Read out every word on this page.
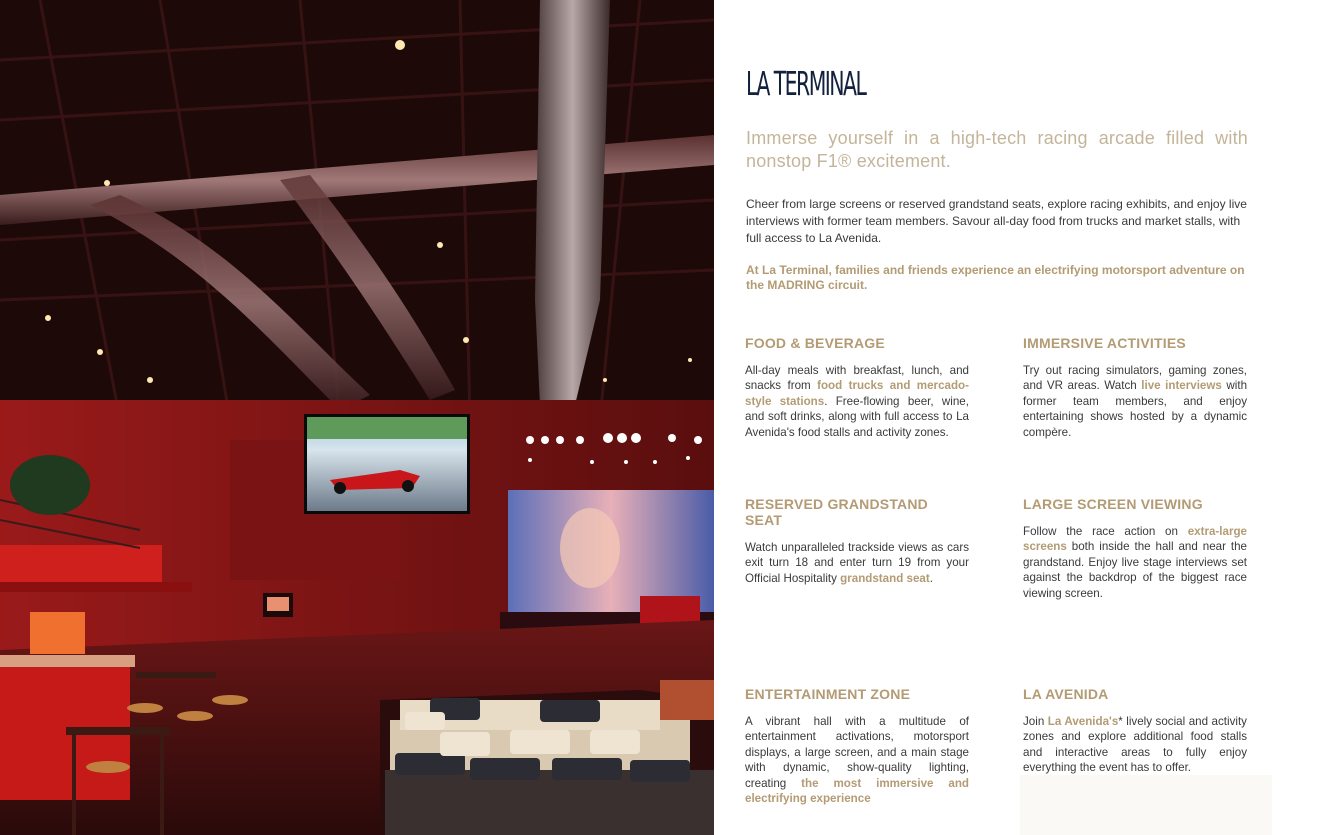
LA TERMINAL

Immerse yourself in a high-tech racing arcade filled with nonstop F1® excitement.

Cheer from large screens or reserved grandstand seats, explore racing exhibits, and enjoy live interviews with former team members. Savour all-day food from trucks and market stalls, with full access to La Avenida.

At La Terminal, families and friends experience an electrifying motorsport adventure on the MADRING circuit.

FOOD & BEVERAGE

All-day meals with breakfast, lunch, and snacks from food trucks and mercado-style stations. Free-flowing beer, wine, and soft drinks, along with full access to La Avenida's food stalls and activity zones.

IMMERSIVE ACTIVITIES

Try out racing simulators, gaming zones, and VR areas. Watch live interviews with former team members, and enjoy entertaining shows hosted by a dynamic compère.

RESERVED GRANDSTAND SEAT

Watch unparalleled trackside views as cars exit turn 18 and enter turn 19 from your Official Hospitality grandstand seat.

LARGE SCREEN VIEWING

Follow the race action on extra-large screens both inside the hall and near the grandstand. Enjoy live stage interviews set against the backdrop of the biggest race viewing screen.

ENTERTAINMENT ZONE

A vibrant hall with a multitude of entertainment activations, motorsport displays, a large screen, and a main stage with dynamic, show-quality lighting, creating the most immersive and electrifying experience

LA AVENIDA

Join La Avenida's* lively social and activity zones and explore additional food stalls and interactive areas to fully enjoy everything the event has to offer.
